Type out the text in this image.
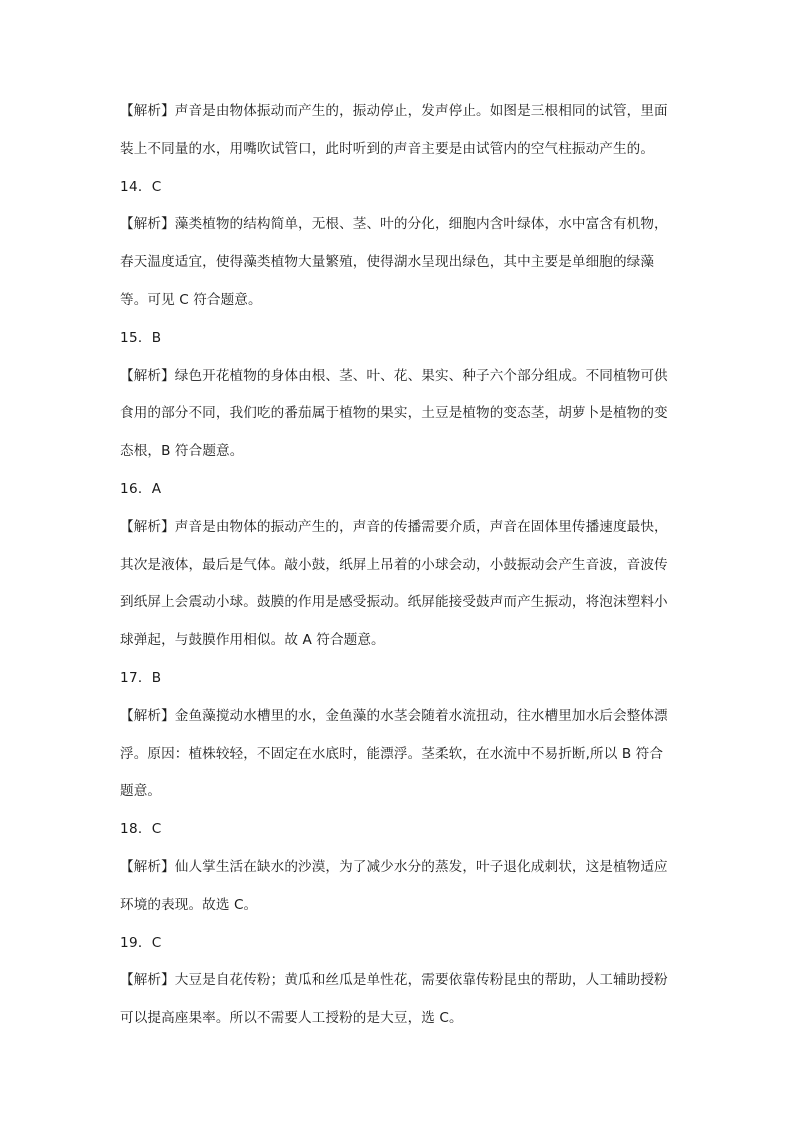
【解析】声音是由物体振动而产生的，振动停止，发声停止。如图是三根相同的试管，里面
装上不同量的水，用嘴吹试管口，此时听到的声音主要是由试管内的空气柱振动产生的。
14．C
【解析】藻类植物的结构简单，无根、茎、叶的分化，细胞内含叶绿体，水中富含有机物，
春天温度适宜，使得藻类植物大量繁殖，使得湖水呈现出绿色，其中主要是单细胞的绿藻
等。可见 C 符合题意。
15．B
【解析】绿色开花植物的身体由根、茎、叶、花、果实、种子六个部分组成。不同植物可供
食用的部分不同，我们吃的番茄属于植物的果实，土豆是植物的变态茎，胡萝卜是植物的变
态根，B 符合题意。
16．A
【解析】声音是由物体的振动产生的，声音的传播需要介质，声音在固体里传播速度最快，
其次是液体，最后是气体。敲小鼓，纸屏上吊着的小球会动，小鼓振动会产生音波，音波传
到纸屏上会震动小球。鼓膜的作用是感受振动。纸屏能接受鼓声而产生振动，将泡沫塑料小
球弹起，与鼓膜作用相似。故 A 符合题意。
17．B
【解析】金鱼藻搅动水槽里的水，金鱼藻的水茎会随着水流扭动，往水槽里加水后会整体漂
浮。原因：植株较轻，不固定在水底时，能漂浮。茎柔软，在水流中不易折断,所以 B 符合
题意。
18．C
【解析】仙人掌生活在缺水的沙漠，为了减少水分的蒸发，叶子退化成刺状，这是植物适应
环境的表现。故选 C。
19．C
【解析】大豆是自花传粉；黄瓜和丝瓜是单性花，需要依靠传粉昆虫的帮助，人工辅助授粉
可以提高座果率。所以不需要人工授粉的是大豆，选 C。
